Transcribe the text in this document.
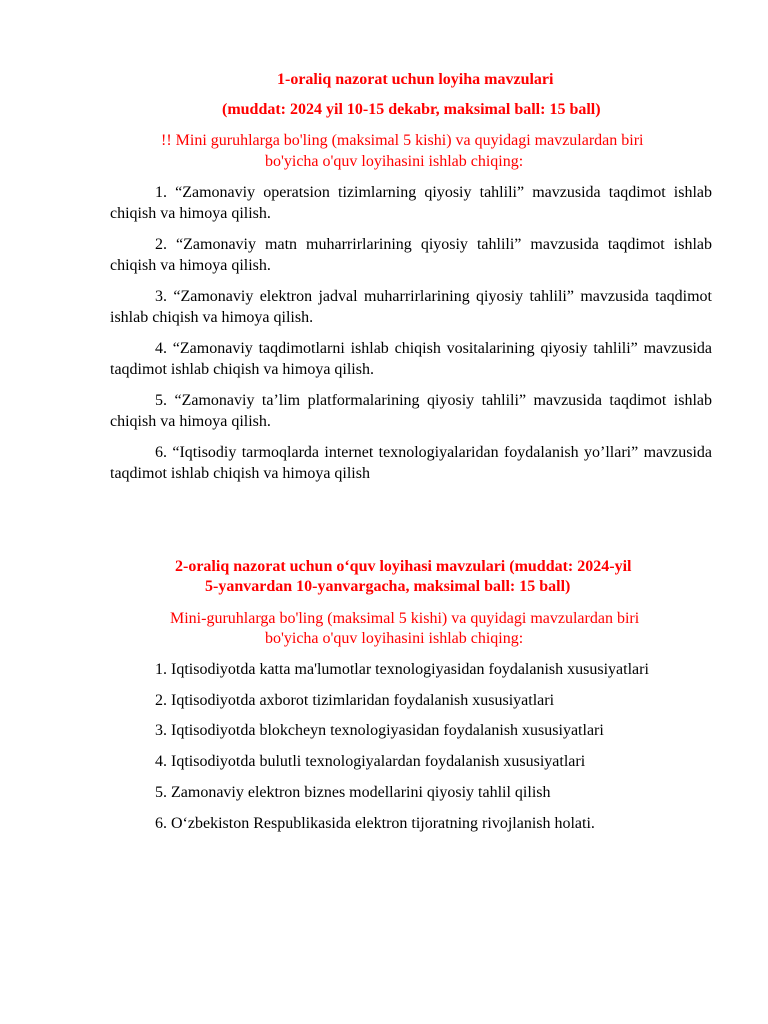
1-oraliq nazorat uchun loyiha mavzulari
(muddat: 2024 yil 10-15 dekabr, maksimal ball: 15 ball)
!! Mini guruhlarga bo'ling (maksimal 5 kishi) va quyidagi mavzulardan biri
bo'yicha o'quv loyihasini ishlab chiqing:
1. “Zamonaviy operatsion tizimlarning qiyosiy tahlili” mavzusida taqdimot ishlab chiqish va himoya qilish.
2. “Zamonaviy matn muharrirlarining qiyosiy tahlili” mavzusida taqdimot ishlab chiqish va himoya qilish.
3. “Zamonaviy elektron jadval muharrirlarining qiyosiy tahlili” mavzusida taqdimot ishlab chiqish va himoya qilish.
4. “Zamonaviy taqdimotlarni ishlab chiqish vositalarining qiyosiy tahlili” mavzusida taqdimot ishlab chiqish va himoya qilish.
5. “Zamonaviy ta’lim platformalarining qiyosiy tahlili” mavzusida taqdimot ishlab chiqish va himoya qilish.
6. “Iqtisodiy tarmoqlarda internet texnologiyalaridan foydalanish yo’llari” mavzusida taqdimot ishlab chiqish va himoya qilish
2-oraliq nazorat uchun o‘quv loyihasi mavzulari (muddat: 2024-yil
5-yanvardan 10-yanvargacha, maksimal ball: 15 ball)
Mini-guruhlarga bo'ling (maksimal 5 kishi) va quyidagi mavzulardan biri
bo'yicha o'quv loyihasini ishlab chiqing:
1. Iqtisodiyotda katta ma'lumotlar texnologiyasidan foydalanish xususiyatlari
2. Iqtisodiyotda axborot tizimlaridan foydalanish xususiyatlari
3. Iqtisodiyotda blokcheyn texnologiyasidan foydalanish xususiyatlari
4. Iqtisodiyotda bulutli texnologiyalardan foydalanish xususiyatlari
5. Zamonaviy elektron biznes modellarini qiyosiy tahlil qilish
6. O‘zbekiston Respublikasida elektron tijoratning rivojlanish holati.
